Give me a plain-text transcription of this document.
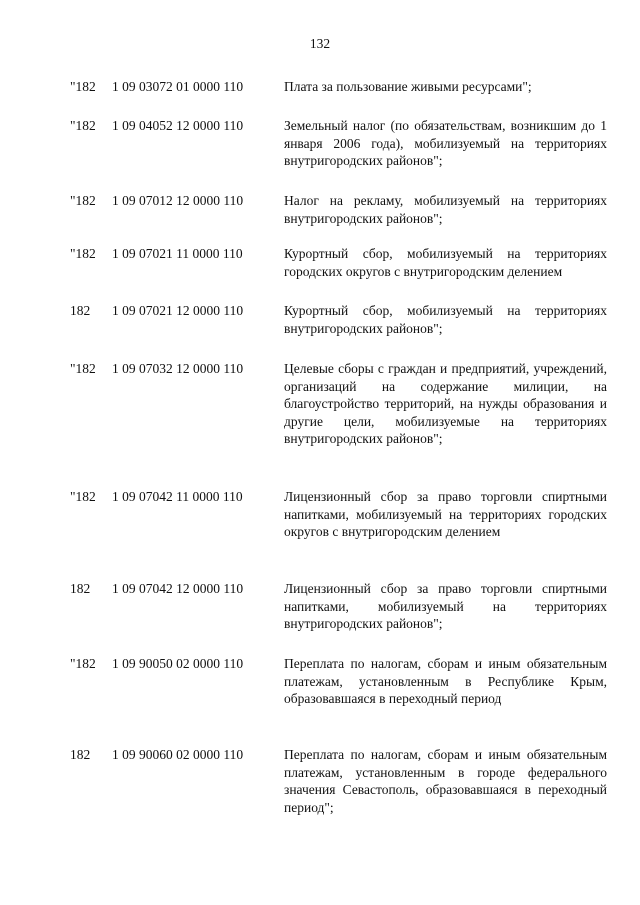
132
"182	1 09 03072 01 0000 110	Плата за пользование живыми ресурсами";
"182	1 09 04052 12 0000 110	Земельный налог (по обязательствам, возникшим до 1 января 2006 года), мобилизуемый на территориях внутригородских районов";
"182	1 09 07012 12 0000 110	Налог на рекламу, мобилизуемый на территориях внутригородских районов";
"182	1 09 07021 11 0000 110	Курортный сбор, мобилизуемый на территориях городских округов с внутригородским делением
182	1 09 07021 12 0000 110	Курортный сбор, мобилизуемый на территориях внутригородских районов";
"182	1 09 07032 12 0000 110	Целевые сборы с граждан и предприятий, учреждений, организаций на содержание милиции, на благоустройство территорий, на нужды образования и другие цели, мобилизуемые на территориях внутригородских районов";
"182	1 09 07042 11 0000 110	Лицензионный сбор за право торговли спиртными напитками, мобилизуемый на территориях городских округов с внутригородским делением
182	1 09 07042 12 0000 110	Лицензионный сбор за право торговли спиртными напитками, мобилизуемый на территориях внутригородских районов";
"182	1 09 90050 02 0000 110	Переплата по налогам, сборам и иным обязательным платежам, установленным в Республике Крым, образовавшаяся в переходный период
182	1 09 90060 02 0000 110	Переплата по налогам, сборам и иным обязательным платежам, установленным в городе федерального значения Севастополь, образовавшаяся в переходный период";
